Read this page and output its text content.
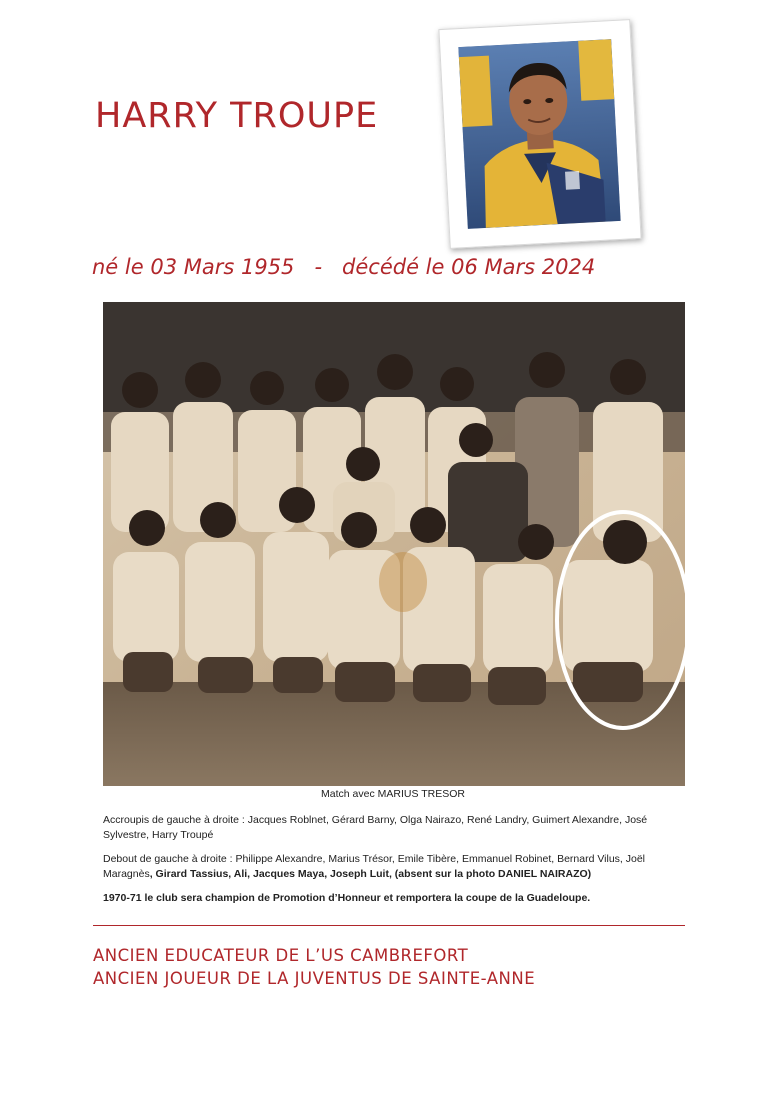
HARRY TROUPE
né le 03 Mars 1955   -   décédé le 06 Mars 2024

Match avec MARIUS TRESOR

Accroupis de gauche à droite : Jacques Roblnet, Gérard Barny, Olga Nairazo, René Landry, Guimert Alexandre, José Sylvestre, Harry Troupé

Debout de gauche à droite : Philippe Alexandre, Marius Trésor, Emile Tibère, Emmanuel Robinet, Bernard Vilus, Joël Maragnès, Girard Tassius, Ali, Jacques Maya, Joseph Luit, (absent sur la photo DANIEL NAIRAZO)

1970-71 le club sera champion de Promotion d’Honneur et remportera la coupe de la Guadeloupe.

ANCIEN EDUCATEUR DE L’US CAMBREFORT
ANCIEN JOUEUR DE LA JUVENTUS DE SAINTE-ANNE
